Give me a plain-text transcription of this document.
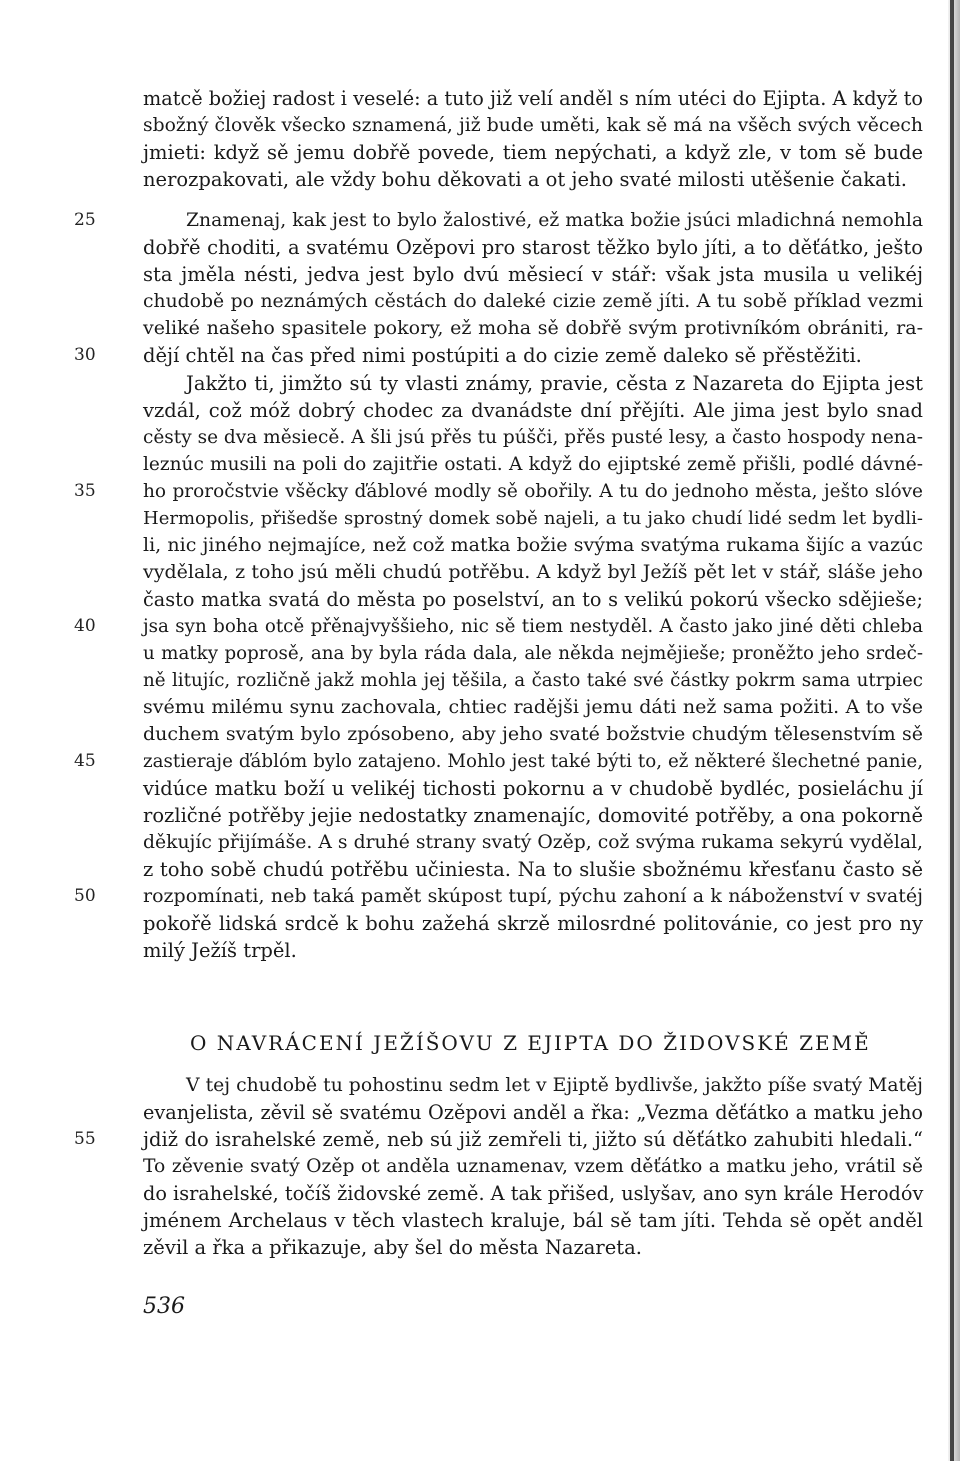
matcě božiej radost i veselé: a tuto již velí anděl s ním utéci do Ejipta. A když to
sbožný člověk všecko sznamená, již bude uměti, kak sě má na všěch svých věcech
jmieti: když sě jemu dobřě povede, tiem nepýchati, a když zle, v tom sě bude
nerozpakovati, ale vždy bohu děkovati a ot jeho svaté milosti utěšenie čakati.
Znamenaj, kak jest to bylo žalostivé, ež matka božie jsúci mladichná nemohla
dobřě choditi, a svatému Ozěpovi pro starost těžko bylo jíti, a to děťátko, ješto
sta jměla nésti, jedva jest bylo dvú měsiecí v stář: však jsta musila u velikéj
chudobě po neznámých cěstách do daleké cizie země jíti. A tu sobě příklad vezmi
veliké našeho spasitele pokory, ež moha sě dobřě svým protivníkóm obrániti, ra-
dějí chtěl na čas před nimi postúpiti a do cizie země daleko sě přěstěžiti.
Jakžto ti, jimžto sú ty vlasti známy, pravie, cěsta z Nazareta do Ejipta jest
vzdál, což móž dobrý chodec za dvanádste dní přějíti. Ale jima jest bylo snad
cěsty se dva měsiecě. A šli jsú přěs tu púšči, přěs pusté lesy, a často hospody nena-
leznúc musili na poli do zajitřie ostati. A když do ejiptské země přišli, podlé dávné-
ho proročstvie všěcky ďáblové modly sě obořily. A tu do jednoho města, ješto slóve
Hermopolis, přišedše sprostný domek sobě najeli, a tu jako chudí lidé sedm let bydli-
li, nic jiného nejmajíce, než což matka božie svýma svatýma rukama šijíc a vazúc
vydělala, z toho jsú měli chudú potřěbu. A když byl Ježíš pět let v stář, sláše jeho
často matka svatá do města po poselství, an to s velikú pokorú všecko sdějieše;
jsa syn boha otcě přěnajvyššieho, nic sě tiem nestyděl. A často jako jiné děti chleba
u matky poprosě, ana by byla ráda dala, ale někda nejmějieše; proněžto jeho srdeč-
ně litujíc, rozličně jakž mohla jej těšila, a často také své částky pokrm sama utrpiec
svému milému synu zachovala, chtiec radějši jemu dáti než sama požiti. A to vše
duchem svatým bylo zpósobeno, aby jeho svaté božstvie chudým tělesenstvím sě
zastieraje ďáblóm bylo zatajeno. Mohlo jest také býti to, ež některé šlechetné panie,
vidúce matku boží u velikéj tichosti pokornu a v chudobě bydléc, posieláchu jí
rozličné potřěby jejie nedostatky znamenajíc, domovité potřěby, a ona pokorně
děkujíc přijímáše. A s druhé strany svatý Ozěp, což svýma rukama sekyrú vydělal,
z toho sobě chudú potřěbu učiniesta. Na to slušie sbožnému křesťanu často sě
rozpomínati, neb taká pamět skúpost tupí, pýchu zahoní a k náboženství v svatéj
pokořě lidská srdcě k bohu zažehá skrzě milosrdné politovánie, co jest pro ny
milý Ježíš trpěl.
25
30
35
40
45
50
55
O NAVRÁCENÍ JEŽÍŠOVU Z EJIPTA DO ŽIDOVSKÉ ZEMĚ
V tej chudobě tu pohostinu sedm let v Ejiptě bydlivše, jakžto píše svatý Matěj
evanjelista, zěvil sě svatému Ozěpovi anděl a řka: „Vezma děťátko a matku jeho
jdiž do israhelské země, neb sú již zemřeli ti, jižto sú děťátko zahubiti hledali.“
To zěvenie svatý Ozěp ot anděla uznamenav, vzem děťátko a matku jeho, vrátil sě
do israhelské, točíš židovské země. A tak přišed, uslyšav, ano syn krále Herodóv
jménem Archelaus v těch vlastech kraluje, bál sě tam jíti. Tehda sě opět anděl
zěvil a řka a přikazuje, aby šel do města Nazareta.
536
